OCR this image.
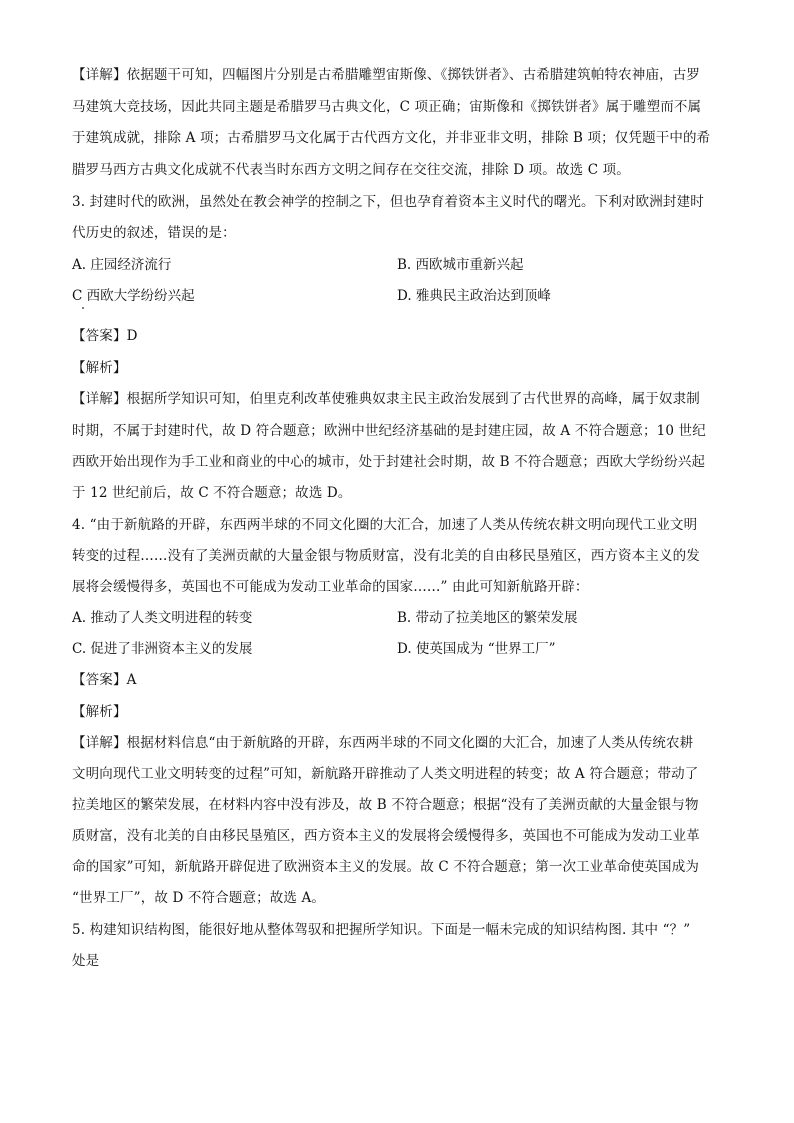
【详解】依据题干可知，四幅图片分别是古希腊雕塑宙斯像、《掷铁饼者》、古希腊建筑帕特农神庙，古罗
马建筑大竞技场，因此共同主题是希腊罗马古典文化，C 项正确；宙斯像和《掷铁饼者》属于雕塑而不属
于建筑成就，排除 A 项；古希腊罗马文化属于古代西方文化，并非亚非文明，排除 B 项；仅凭题干中的希
腊罗马西方古典文化成就不代表当时东西方文明之间存在交往交流，排除 D 项。故选 C 项。
3. 封建时代的欧洲，虽然处在教会神学的控制之下，但也孕育着资本主义时代的曙光。下利对欧洲封建时
代历史的叙述，错误的是：
A. 庄园经济流行	B. 西欧城市重新兴起
C 西欧大学纷纷兴起	D. 雅典民主政治达到顶峰
【答案】D
【解析】
【详解】根据所学知识可知，伯里克利改革使雅典奴隶主民主政治发展到了古代世界的高峰，属于奴隶制
时期，不属于封建时代，故 D 符合题意；欧洲中世纪经济基础的是封建庄园，故 A 不符合题意；10 世纪
西欧开始出现作为手工业和商业的中心的城市，处于封建社会时期，故 B 不符合题意；西欧大学纷纷兴起
于 12 世纪前后，故 C 不符合题意；故选 D。
4. “由于新航路的开辟，东西两半球的不同文化圈的大汇合，加速了人类从传统农耕文明向现代工业文明
转变的过程……没有了美洲贡献的大量金银与物质财富，没有北美的自由移民垦殖区，西方资本主义的发
展将会缓慢得多，英国也不可能成为发动工业革命的国家……” 由此可知新航路开辟：
A. 推动了人类文明进程的转变	B. 带动了拉美地区的繁荣发展
C. 促进了非洲资本主义的发展	D. 使英国成为 “世界工厂”
【答案】A
【解析】
【详解】根据材料信息“由于新航路的开辟，东西两半球的不同文化圈的大汇合，加速了人类从传统农耕
文明向现代工业文明转变的过程”可知，新航路开辟推动了人类文明进程的转变；故 A 符合题意；带动了
拉美地区的繁荣发展，在材料内容中没有涉及，故 B 不符合题意；根据“没有了美洲贡献的大量金银与物
质财富，没有北美的自由移民垦殖区，西方资本主义的发展将会缓慢得多，英国也不可能成为发动工业革
命的国家”可知，新航路开辟促进了欧洲资本主义的发展。故 C 不符合题意；第一次工业革命使英国成为
“世界工厂”，故 D 不符合题意；故选 A。
5. 构建知识结构图，能很好地从整体驾驭和把握所学知识。下面是一幅未完成的知识结构图. 其中 “？”
处是
